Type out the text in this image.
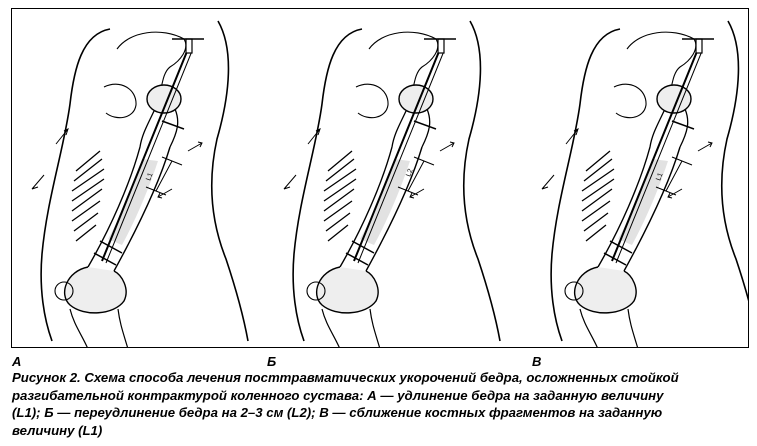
L1	L2	L1
А	Б	В
Рисунок 2. Схема способа лечения посттравматических укорочений бедра, осложненных стойкой
разгибательной контрактурой коленного сустава: А — удлинение бедра на заданную величину
(L1); Б — переудлинение бедра на 2–3 см (L2); В — сближение костных фрагментов на заданную
величину (L1)
